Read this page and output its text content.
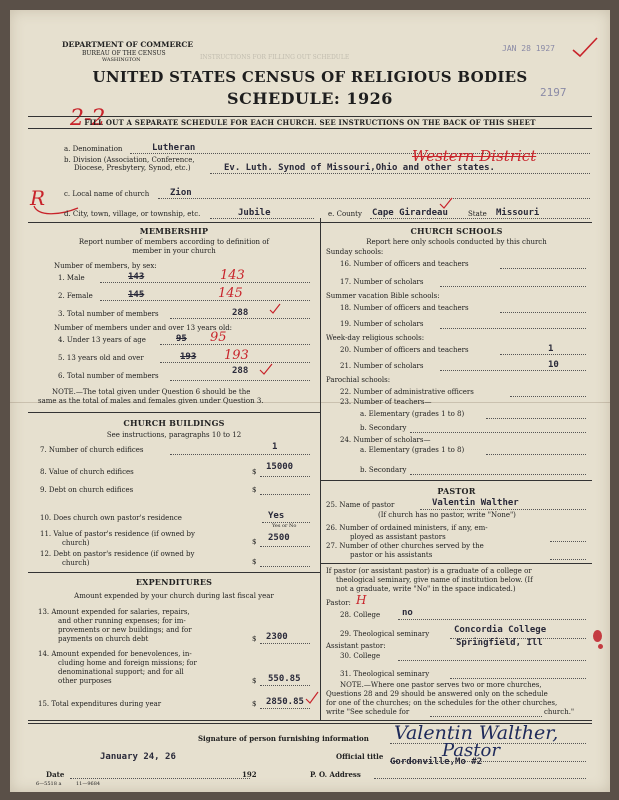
INSTRUCTIONS FOR FILLING OUT SCHEDULE
DEPARTMENT OF COMMERCE
BUREAU OF THE CENSUS
WASHINGTON
JAN 28 1927
2197
UNITED STATES CENSUS OF RELIGIOUS BODIES
SCHEDULE: 1926
2-2
FILL OUT A SEPARATE SCHEDULE FOR EACH CHURCH. SEE INSTRUCTIONS ON THE BACK OF THIS SHEET
a. Denomination	Lutheran
b. Division (Association, Conference,
Diocese, Presbytery, Synod, etc.)	Ev. Luth. Synod of Missouri,Ohio and other states.
Western District
R	c. Local name of church Zion
d. City, town, village, or township, etc.	Jubile	e. County Cape Girardeau	State Missouri
MEMBERSHIP
Report number of members according to definition of
member in your church
Number of members, by sex:
1. Male	143	143
2. Female	145	145
3. Total number of members	288
Number of members under and over 13 years old:
4. Under 13 years of age	95 95
5. 13 years old and over	193 193
6. Total number of members	288
NOTE.—The total given under Question 6 should be the
same as the total of males and females given under Question 3.
CHURCH BUILDINGS
See instructions, paragraphs 10 to 12
7. Number of church edifices	1
8. Value of church edifices	$ 15000
9. Debt on church edifices	$
10. Does church own pastor's residence	Yes
Yes or No
11. Value of pastor's residence (if owned by
church)	$ 2500
12. Debt on pastor's residence (if owned by
church)	$
EXPENDITURES
Amount expended by your church during last fiscal year
13. Amount expended for salaries, repairs,
and other running expenses; for im-
provements or new buildings; and for
payments on church debt	$ 2300
14. Amount expended for benevolences, in-
cluding home and foreign missions; for
denominational support; and for all
other purposes	$ 550.85
15. Total expenditures during year	$ 2850.85
CHURCH SCHOOLS
Report here only schools conducted by this church
Sunday schools:
16. Number of officers and teachers
17. Number of scholars
Summer vacation Bible schools:
18. Number of officers and teachers
19. Number of scholars
Week-day religious schools:
20. Number of officers and teachers	1
21. Number of scholars	10
Parochial schools:
22. Number of administrative officers
23. Number of teachers—
a. Elementary (grades 1 to 8)
b. Secondary
24. Number of scholars—
a. Elementary (grades 1 to 8)
b. Secondary
PASTOR
25. Name of pastor	Valentin Walther
(If church has no pastor, write "None")
26. Number of ordained ministers, if any, em-
ployed as assistant pastors
27. Number of other churches served by the
pastor or his assistants
If pastor (or assistant pastor) is a graduate of a college or
theological seminary, give name of institution below. (If
not a graduate, write "No" in the space indicated.)
Pastor: H
28. College no
29. Theological seminary	Concordia College
Assistant pastor:	Springfield, Ill
30. College
31. Theological seminary
NOTE.—Where one pastor serves two or more churches,
Questions 28 and 29 should be answered only on the schedule
for one of the churches; on the schedules for the other churches,
write "See schedule for	church."
Signature of person furnishing information Valentin Walther,
Official title	Pastor
January 24, 26
Date	192	P. O. Address
Gordonville,Mo #2
6—5518 a	11—9684
